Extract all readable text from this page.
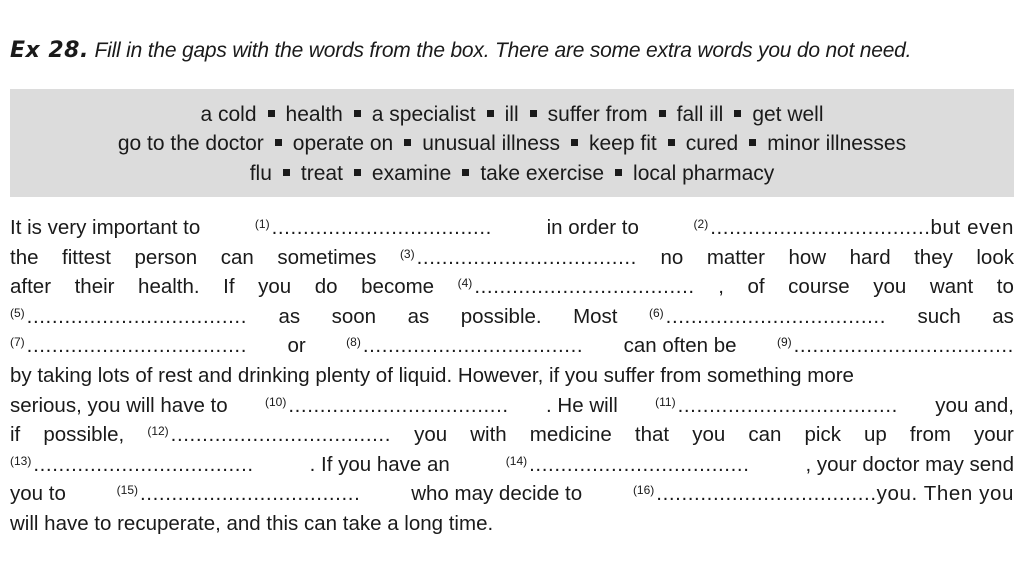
Ex 28. Fill in the gaps with the words from the box. There are some extra words you do not need.
a cold health a specialist ill suffer from fall ill get well
go to the doctor operate on unusual illness keep fit cured minor illnesses
flu treat examine take exercise local pharmacy
It is very important to	$^{(1)}$...................................	in order to	$^{(2)}$...................................but even
the fittest person can sometimes $^{(3)}$................................... no matter how hard they look
after their health. If you do become $^{(4)}$................................... , of course you want to
$^{(5)}$................................... as soon as possible. Most	$^{(6)}$................................... such as
$^{(7)}$................................... or	$^{(8)}$................................... can often be	$^{(9)}$...................................
by taking lots of rest and drinking plenty of liquid. However, if you suffer from something more
serious, you will have to	$^{(10)}$................................... . He will	$^{(11)}$................................... you and,
if possible, $^{(12)}$................................... you with medicine that you can pick up from your
$^{(13)}$...................................	. If you have an	$^{(14)}$...................................	, your doctor may send
you to	$^{(15)}$................................... who may decide to	$^{(16)}$...................................you. Then you
will have to recuperate, and this can take a long time.
